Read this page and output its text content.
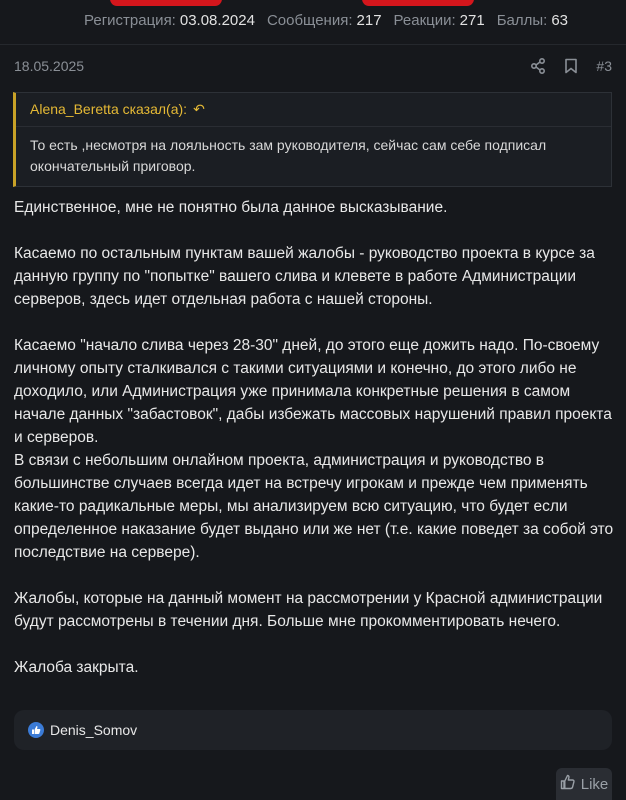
Регистрация: 03.08.2024 Сообщения: 217 Реакции: 271 Баллы: 63
18.05.2025	#3
Alena_Beretta сказал(а): ↶
То есть ,несмотря на лояльность зам руководителя, сейчас сам себе подписал окончательный приговор.

Единственное, мне не понятно была данное высказывание.

Касаемо по остальным пунктам вашей жалобы - руководство проекта в курсе за данную группу по "попытке" вашего слива и клевете в работе Администрации серверов, здесь идет отдельная работа с нашей стороны.

Касаемо "начало слива через 28-30" дней, до этого еще дожить надо. По-своему личному опыту сталкивался с такими ситуациями и конечно, до этого либо не доходило, или Администрация уже принимала конкретные решения в самом начале данных "забастовок", дабы избежать массовых нарушений правил проекта и серверов.

В связи с небольшим онлайном проекта, администрация и руководство в большинстве случаев всегда идет на встречу игрокам и прежде чем применять какие-то радикальные меры, мы анализируем всю ситуацию, что будет если определенное наказание будет выдано или же нет (т.е. какие поведет за собой это последствие на сервере).

Жалобы, которые на данный момент на рассмотрении у Красной администрации будут рассмотрены в течении дня. Больше мне прокомментировать нечего.

Жалоба закрыта.

Denis_Somov
Like
